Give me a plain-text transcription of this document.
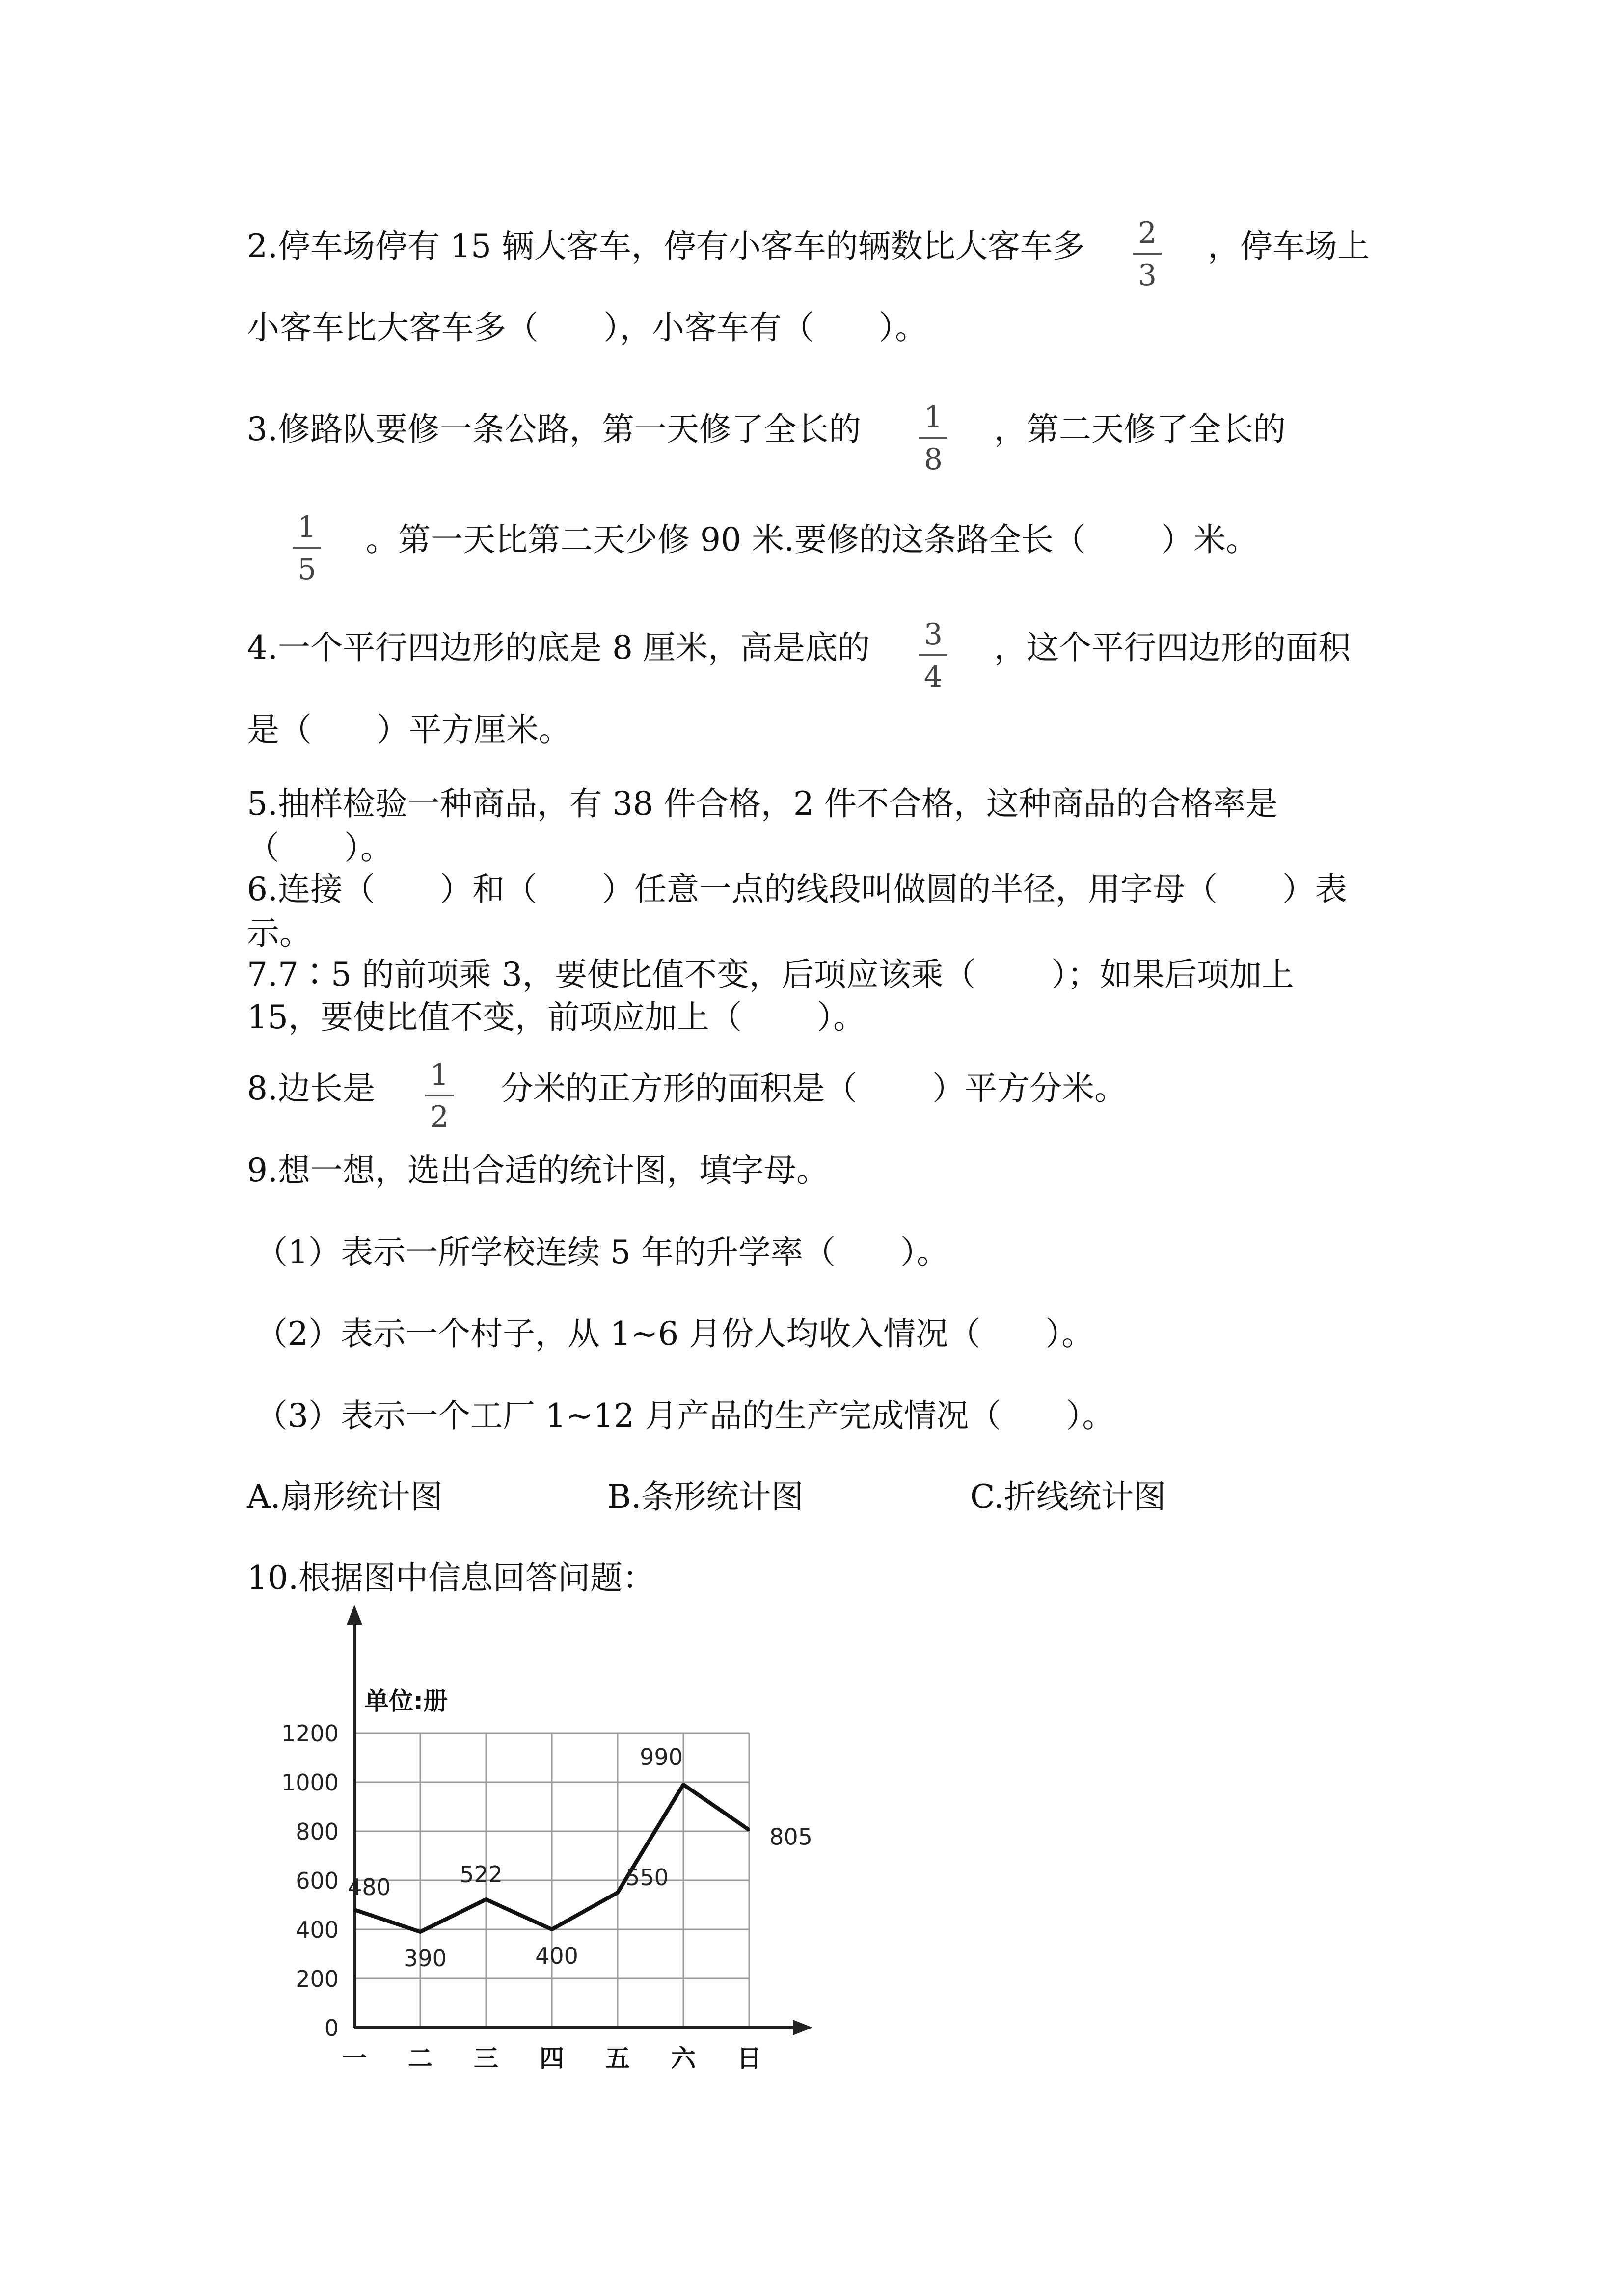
2.停车场停有 15 辆大客车，停有小客车的辆数比大客车多 2
3
，停车场上
小客车比大客车多（　　），小客车有（　　）。
3.修路队要修一条公路，第一天修了全长的 1
8
，第二天修了全长的
1
5
。第一天比第二天少修 90 米.要修的这条路全长（　　 ）米。
4.一个平行四边形的底是 8 厘米，高是底的 3
4
，这个平行四边形的面积
是（　　）平方厘米。
5.抽样检验一种商品，有 38 件合格，2 件不合格，这种商品的合格率是
（　　）。
6.连接（　　）和（　　）任意一点的线段叫做圆的半径，用字母（　　）表
示。
7.7∶5 的前项乘 3，要使比值不变，后项应该乘（　　 ）；如果后项加上
15，要使比值不变，前项应加上（　　 ）。
8.边长是 1
2
分米的正方形的面积是（　　 ）平方分米。
9.想一想，选出合适的统计图，填字母。
（1）表示一所学校连续 5 年的升学率（　　）。
（2）表示一个村子，从 1~6 月份人均收入情况（　　）。
（3）表示一个工厂 1~12 月产品的生产完成情况（　　）。
A.扇形统计图	B.条形统计图	C.折线统计图
10.根据图中信息回答问题：
0
200
400
600
800
1000
1200
一 二 三 四 五 六 日
单位:册
480
390
522
400
550
990
805
